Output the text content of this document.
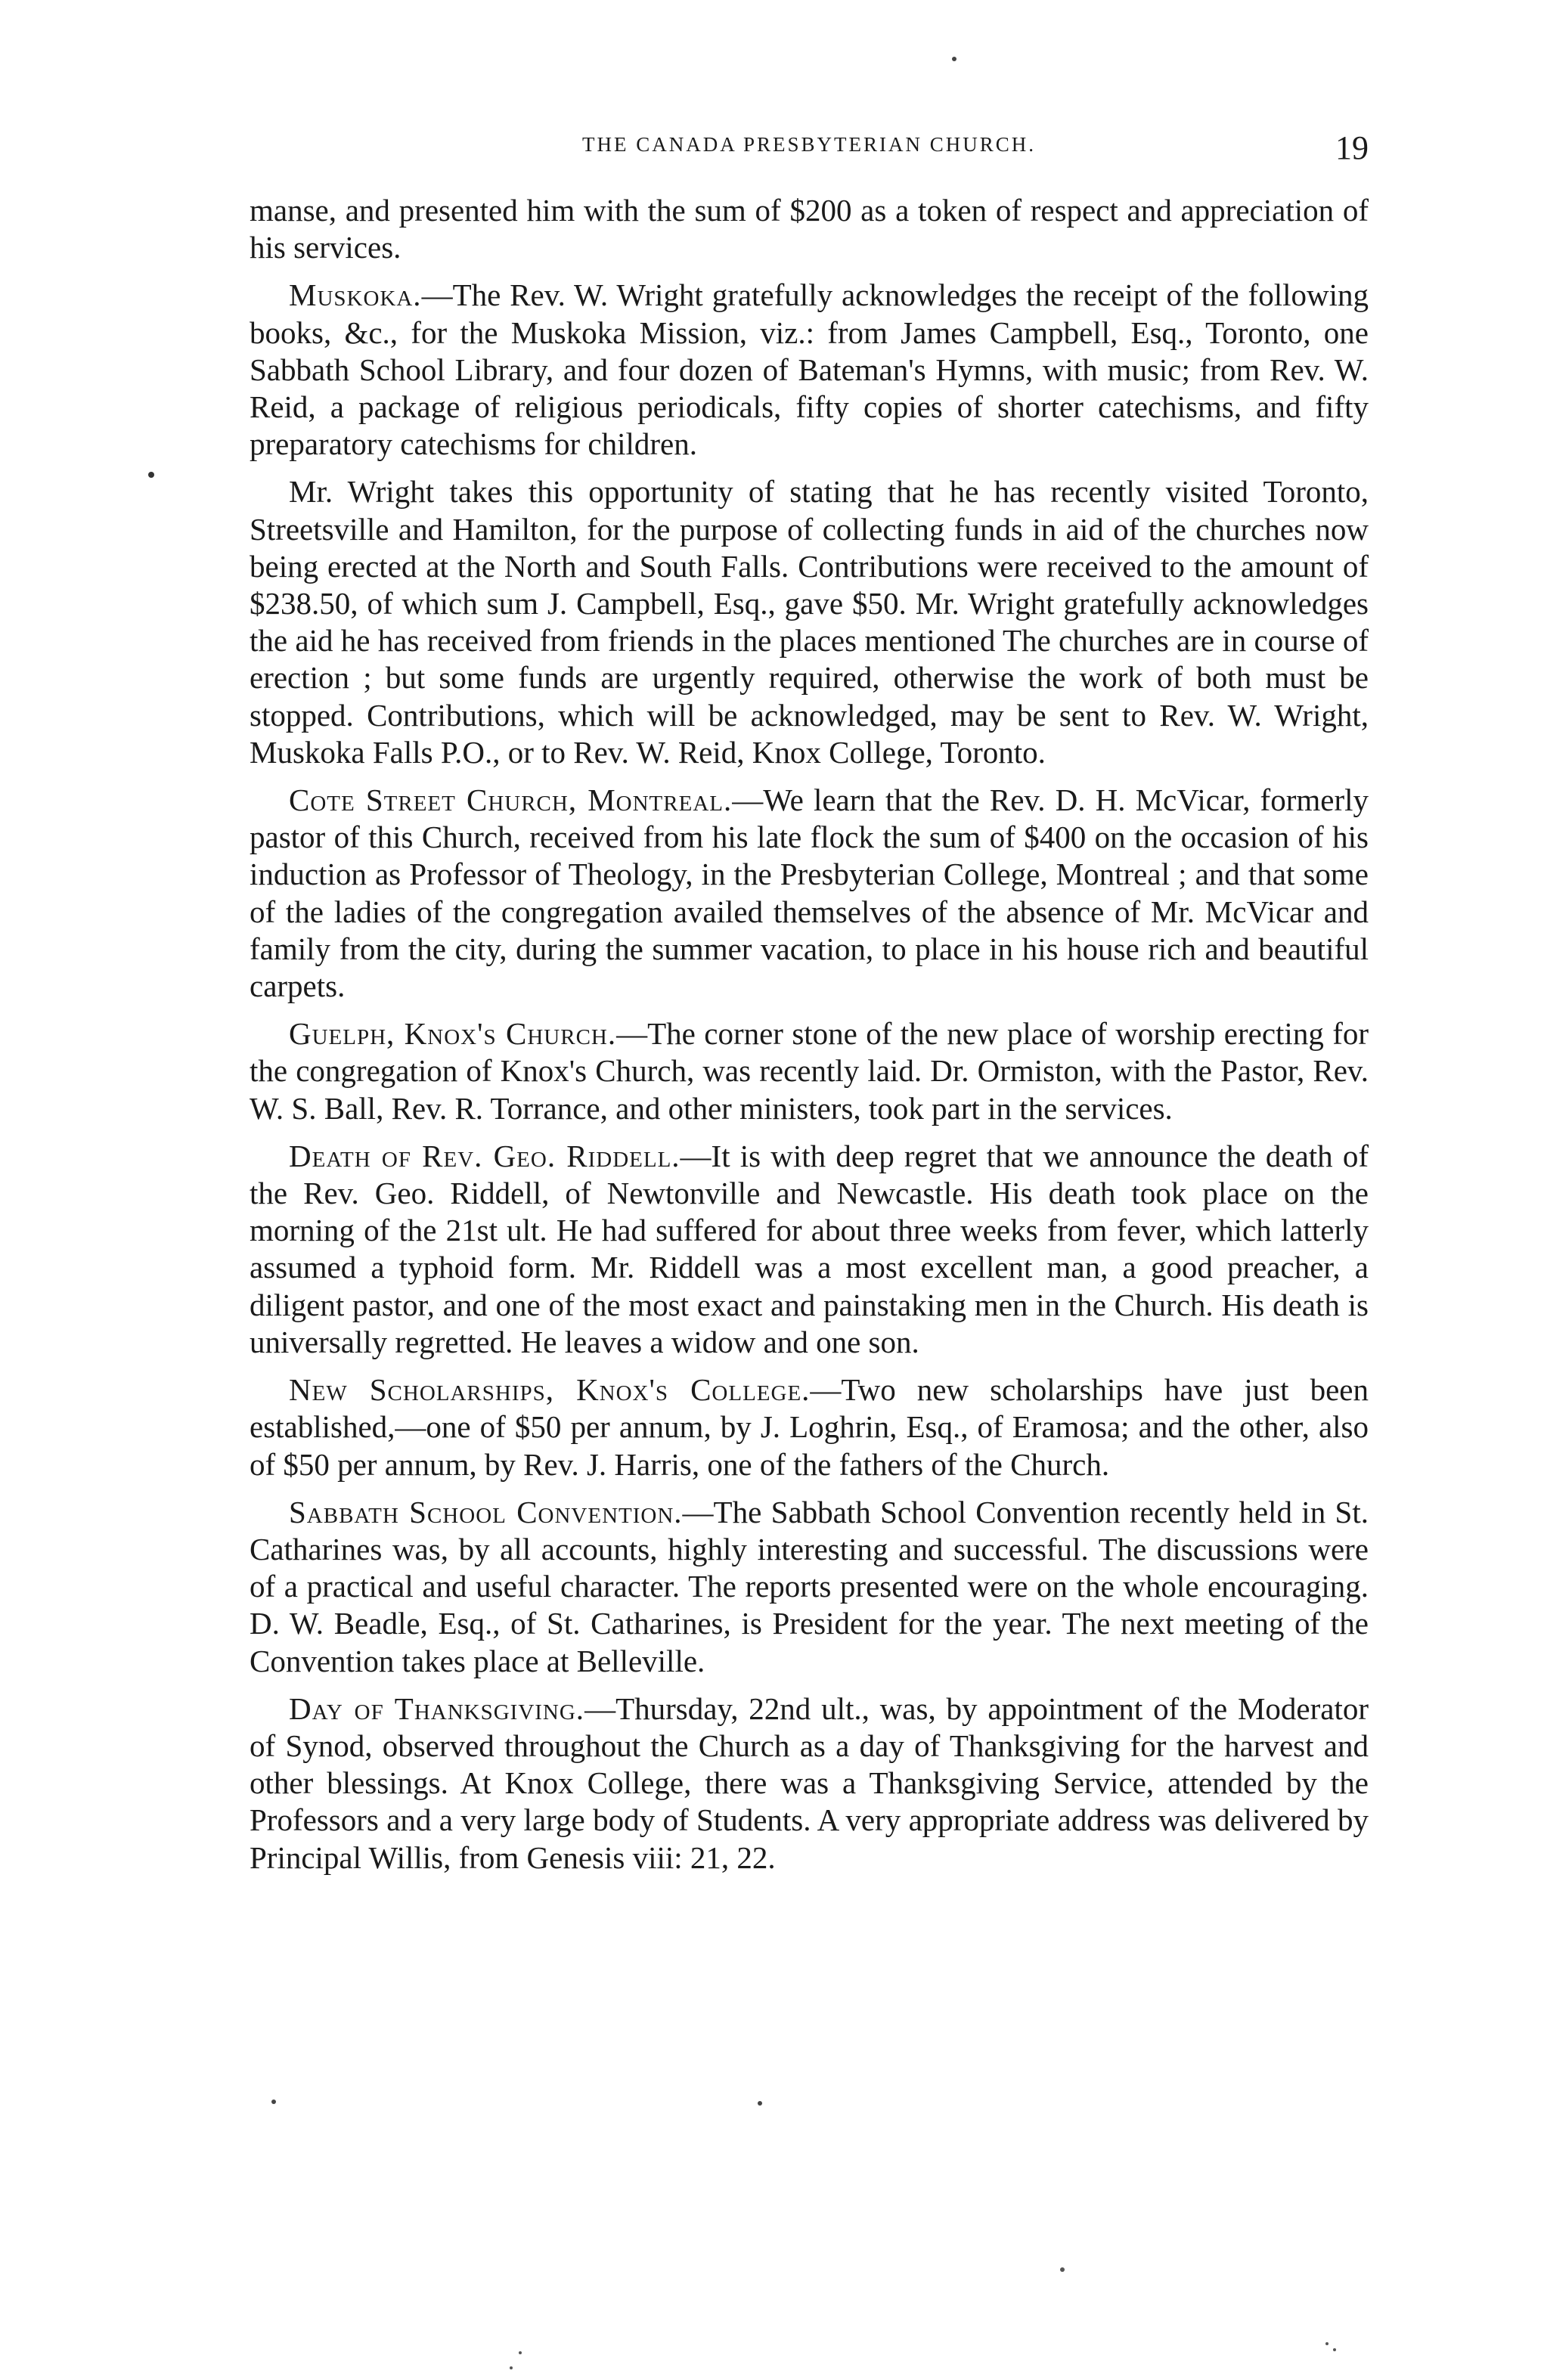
THE CANADA PRESBYTERIAN CHURCH.	19

manse, and presented him with the sum of $200 as a token of respect and appreciation of his services.

Muskoka.—The Rev. W. Wright gratefully acknowledges the receipt of the following books, &c., for the Muskoka Mission, viz.: from James Campbell, Esq., Toronto, one Sabbath School Library, and four dozen of Bateman's Hymns, with music; from Rev. W. Reid, a package of religious periodicals, fifty copies of shorter catechisms, and fifty preparatory catechisms for children.

Mr. Wright takes this opportunity of stating that he has recently visited Toronto, Streetsville and Hamilton, for the purpose of collecting funds in aid of the churches now being erected at the North and South Falls. Contributions were received to the amount of $238.50, of which sum J. Campbell, Esq., gave $50. Mr. Wright gratefully acknowledges the aid he has received from friends in the places mentioned The churches are in course of erection ; but some funds are urgently required, otherwise the work of both must be stopped. Contributions, which will be acknowledged, may be sent to Rev. W. Wright, Muskoka Falls P.O., or to Rev. W. Reid, Knox College, Toronto.

Cote Street Church, Montreal.—We learn that the Rev. D. H. McVicar, formerly pastor of this Church, received from his late flock the sum of $400 on the occasion of his induction as Professor of Theology, in the Presbyterian College, Montreal ; and that some of the ladies of the congregation availed themselves of the absence of Mr. McVicar and family from the city, during the summer vacation, to place in his house rich and beautiful carpets.

Guelph, Knox's Church.—The corner stone of the new place of worship erecting for the congregation of Knox's Church, was recently laid. Dr. Ormiston, with the Pastor, Rev. W. S. Ball, Rev. R. Torrance, and other ministers, took part in the services.

Death of Rev. Geo. Riddell.—It is with deep regret that we announce the death of the Rev. Geo. Riddell, of Newtonville and Newcastle. His death took place on the morning of the 21st ult. He had suffered for about three weeks from fever, which latterly assumed a typhoid form. Mr. Riddell was a most excellent man, a good preacher, a diligent pastor, and one of the most exact and painstaking men in the Church. His death is universally regretted. He leaves a widow and one son.

New Scholarships, Knox's College.—Two new scholarships have just been established,—one of $50 per annum, by J. Loghrin, Esq., of Eramosa; and the other, also of $50 per annum, by Rev. J. Harris, one of the fathers of the Church.

Sabbath School Convention.—The Sabbath School Convention recently held in St. Catharines was, by all accounts, highly interesting and successful. The discussions were of a practical and useful character. The reports presented were on the whole encouraging. D. W. Beadle, Esq., of St. Catharines, is President for the year. The next meeting of the Convention takes place at Belleville.

Day of Thanksgiving.—Thursday, 22nd ult., was, by appointment of the Moderator of Synod, observed throughout the Church as a day of Thanksgiving for the harvest and other blessings. At Knox College, there was a Thanksgiving Service, attended by the Professors and a very large body of Students. A very appropriate address was delivered by Principal Willis, from Genesis viii: 21, 22.
